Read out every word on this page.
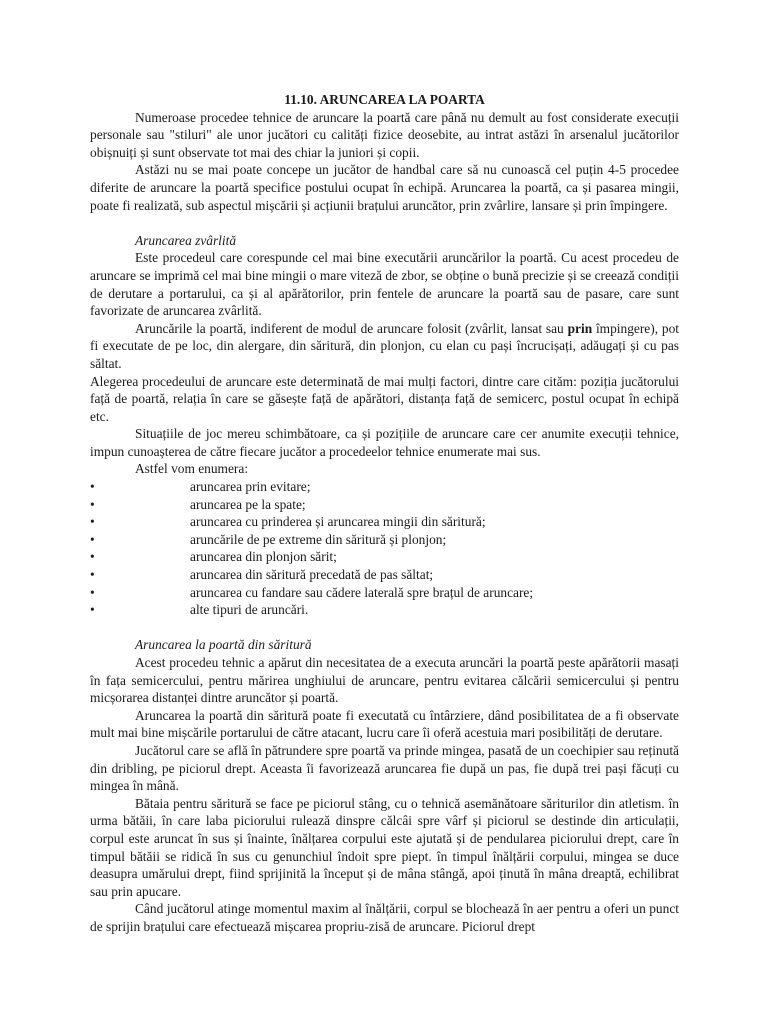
11.10. ARUNCAREA LA POARTA

Numeroase procedee tehnice de aruncare la poartă care până nu demult au fost considerate execuții personale sau "stiluri" ale unor jucători cu calități fizice deosebite, au intrat astăzi în arsenalul jucătorilor obișnuiți și sunt observate tot mai des chiar la juniori și copii.

Astăzi nu se mai poate concepe un jucător de handbal care să nu cunoască cel puțin 4-5 procedee diferite de aruncare la poartă specifice postului ocupat în echipă. Aruncarea la poartă, ca și pasarea mingii, poate fi realizată, sub aspectul mișcării și acțiunii brațului aruncător, prin zvârlire, lansare și prin împingere.

Aruncarea zvârlită

Este procedeul care corespunde cel mai bine executării aruncărilor la poartă. Cu acest procedeu de aruncare se imprimă cel mai bine mingii o mare viteză de zbor, se obține o bună precizie și se creează condiții de derutare a portarului, ca și al apărătorilor, prin fentele de aruncare la poartă sau de pasare, care sunt favorizate de aruncarea zvârlită.

Aruncările la poartă, indiferent de modul de aruncare folosit (zvârlit, lansat sau prin împingere), pot fi executate de pe loc, din alergare, din săritură, din plonjon, cu elan cu pași încrucișați, adăugați și cu pas săltat.

Alegerea procedeului de aruncare este determinată de mai mulți factori, dintre care cităm: poziția jucătorului față de poartă, relația în care se găsește față de apărători, distanța față de semicerc, postul ocupat în echipă etc.

Situațiile de joc mereu schimbătoare, ca și pozițiile de aruncare care cer anumite execuții tehnice, impun cunoașterea de către fiecare jucător a procedeelor tehnice enumerate mai sus.

Astfel vom enumera:

•	aruncarea prin evitare;
•	aruncarea pe la spate;
•	aruncarea cu prinderea și aruncarea mingii din săritură;
•	aruncările de pe extreme din săritură și plonjon;
•	aruncarea din plonjon sărit;
•	aruncarea din săritură precedată de pas săltat;
•	aruncarea cu fandare sau cădere laterală spre brațul de aruncare;
•	alte tipuri de aruncări.

Aruncarea la poartă din săritură

Acest procedeu tehnic a apărut din necesitatea de a executa aruncări la poartă peste apărătorii masați în fața semicercului, pentru mărirea unghiului de aruncare, pentru evitarea călcării semicercului și pentru micșorarea distanței dintre aruncător și poartă.

Aruncarea la poartă din săritură poate fi executată cu întârziere, dând posibilitatea de a fi observate mult mai bine mișcările portarului de către atacant, lucru care îi oferă acestuia mari posibilități de derutare.

Jucătorul care se află în pătrundere spre poartă va prinde mingea, pasată de un coechipier sau reținută din dribling, pe piciorul drept. Aceasta îi favorizează aruncarea fie după un pas, fie după trei pași făcuți cu mingea în mână.

Bătaia pentru săritură se face pe piciorul stâng, cu o tehnică asemănătoare săriturilor din atletism. în urma bătăii, în care laba piciorului rulează dinspre călcâi spre vârf și piciorul se destinde din articulații, corpul este aruncat în sus și înainte, înălțarea corpului este ajutată și de pendularea piciorului drept, care în timpul bătăii se ridică în sus cu genunchiul îndoit spre piept. în timpul înălțării corpului, mingea se duce deasupra umărului drept, fiind sprijinită la început și de mâna stângă, apoi ținută în mâna dreaptă, echilibrat sau prin apucare.

Când jucătorul atinge momentul maxim al înălțării, corpul se blochează în aer pentru a oferi un punct de sprijin brațului care efectuează mișcarea propriu-zisă de aruncare. Piciorul drept
